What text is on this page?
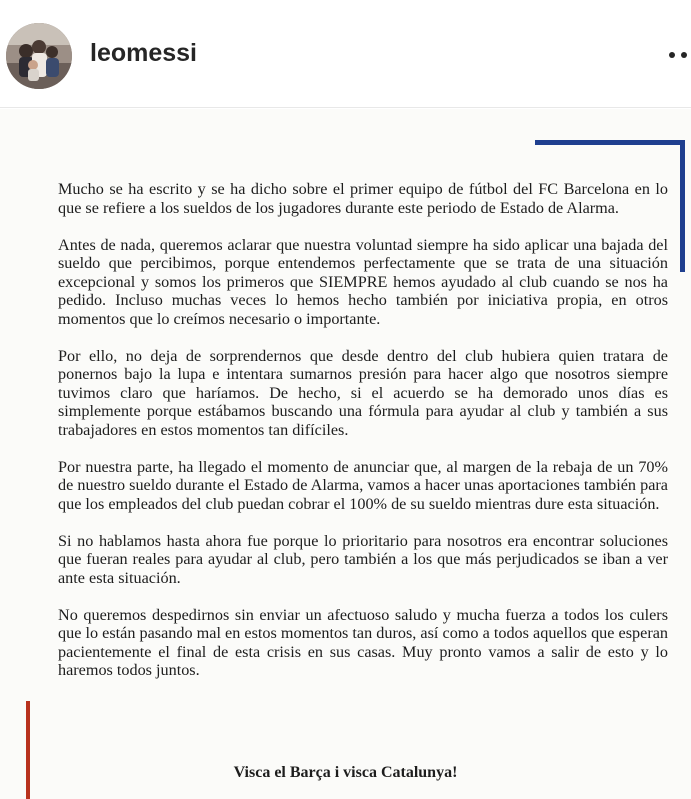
leomessi

Mucho se ha escrito y se ha dicho sobre el primer equipo de fútbol del FC Barcelona en lo que se refiere a los sueldos de los jugadores durante este periodo de Estado de Alarma.

Antes de nada, queremos aclarar que nuestra voluntad siempre ha sido aplicar una bajada del sueldo que percibimos, porque entendemos perfectamente que se trata de una situación excepcional y somos los primeros que SIEMPRE hemos ayudado al club cuando se nos ha pedido. Incluso muchas veces lo hemos hecho también por iniciativa propia, en otros momentos que lo creímos necesario o importante.

Por ello, no deja de sorprendernos que desde dentro del club hubiera quien tratara de ponernos bajo la lupa e intentara sumarnos presión para hacer algo que nosotros siempre tuvimos claro que haríamos. De hecho, si el acuerdo se ha demorado unos días es simplemente porque estábamos buscando una fórmula para ayudar al club y también a sus trabajadores en estos momentos tan difíciles.

Por nuestra parte, ha llegado el momento de anunciar que, al margen de la rebaja de un 70% de nuestro sueldo durante el Estado de Alarma, vamos a hacer unas aportaciones también para que los empleados del club puedan cobrar el 100% de su sueldo mientras dure esta situación.

Si no hablamos hasta ahora fue porque lo prioritario para nosotros era encontrar soluciones que fueran reales para ayudar al club, pero también a los que más perjudicados se iban a ver ante esta situación.

No queremos despedirnos sin enviar un afectuoso saludo y mucha fuerza a todos los culers que lo están pasando mal en estos momentos tan duros, así como a todos aquellos que esperan pacientemente el final de esta crisis en sus casas. Muy pronto vamos a salir de esto y lo haremos todos juntos.

Visca el Barça i visca Catalunya!
